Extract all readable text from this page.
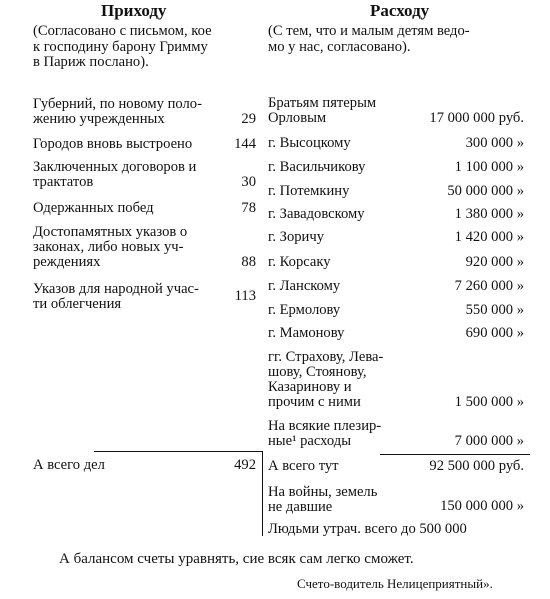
Приходу	Расходу
(Согласовано с письмом, кое
к господину барону Гримму
в Париж послано).
(С тем, что и малым детям ведо-
мо у нас, согласовано).
Губерний, по новому поло-
жению учрежденных	29
Городов вновь выстроено	144
Заключенных договоров и
трактатов	30
Одержанных побед	78
Достопамятных указов о
законах, либо новых уч-
реждениях	88
Указов для народной учас-
ти облегчения	113
Братьям пятерым
Орловым	17 000 000 руб.
г. Высоцкому	300 000 »
г. Васильчикову	1 100 000 »
г. Потемкину	50 000 000 »
г. Завадовскому	1 380 000 »
г. Зоричу	1 420 000 »
г. Корсаку	920 000 »
г. Ланскому	7 260 000 »
г. Ермолову	550 000 »
г. Мамонову	690 000 »
гг. Страхову, Лева-
шову, Стоянову,
Казаринову и
прочим с ними	1 500 000 »
На всякие плезир-
ные¹ расходы	7 000 000 »
А всего дел	492 А всего тут	92 500 000 руб.
На войны, земель
не давшие	150 000 000 »
Людьми утрач. всего до 500 000
А балансом счеты уравнять, сие всяк сам легко сможет.
Счето-водитель Нелицеприятный».
